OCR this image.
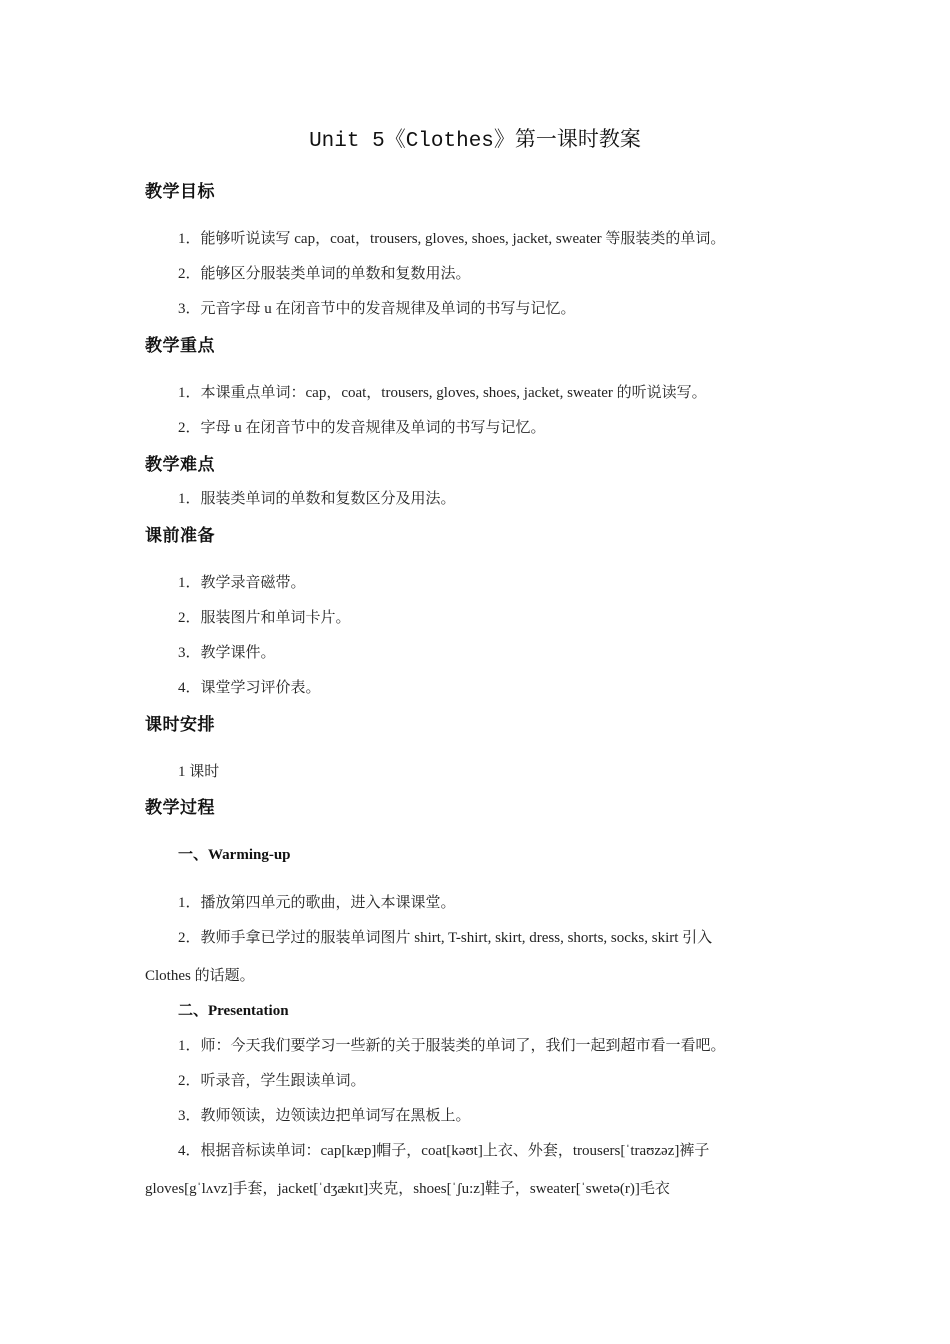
Unit 5《Clothes》第一课时教案
教学目标
1．能够听说读写 cap，coat，trousers, gloves, shoes, jacket, sweater 等服装类的单词。
2．能够区分服装类单词的单数和复数用法。
3．元音字母 u 在闭音节中的发音规律及单词的书写与记忆。
教学重点
1．本课重点单词：cap，coat，trousers, gloves, shoes, jacket, sweater 的听说读写。
2．字母 u 在闭音节中的发音规律及单词的书写与记忆。
教学难点
1．服装类单词的单数和复数区分及用法。
课前准备
1．教学录音磁带。
2．服装图片和单词卡片。
3．教学课件。
4．课堂学习评价表。
课时安排
1 课时
教学过程
一、Warming-up
1．播放第四单元的歌曲，进入本课课堂。
2．教师手拿已学过的服装单词图片 shirt, T-shirt, skirt, dress, shorts, socks, skirt 引入
Clothes 的话题。
二、Presentation
1．师：今天我们要学习一些新的关于服装类的单词了，我们一起到超市看一看吧。
2．听录音，学生跟读单词。
3．教师领读，边领读边把单词写在黑板上。
4．根据音标读单词：cap[kæp]帽子，coat[kəʊt]上衣、外套，trousers[ˈtraʊzəz]裤子
gloves[gˈlʌvz]手套，jacket[ˈdʒækɪt]夹克，shoes[ˈʃu:z]鞋子，sweater[ˈswetə(r)]毛衣
